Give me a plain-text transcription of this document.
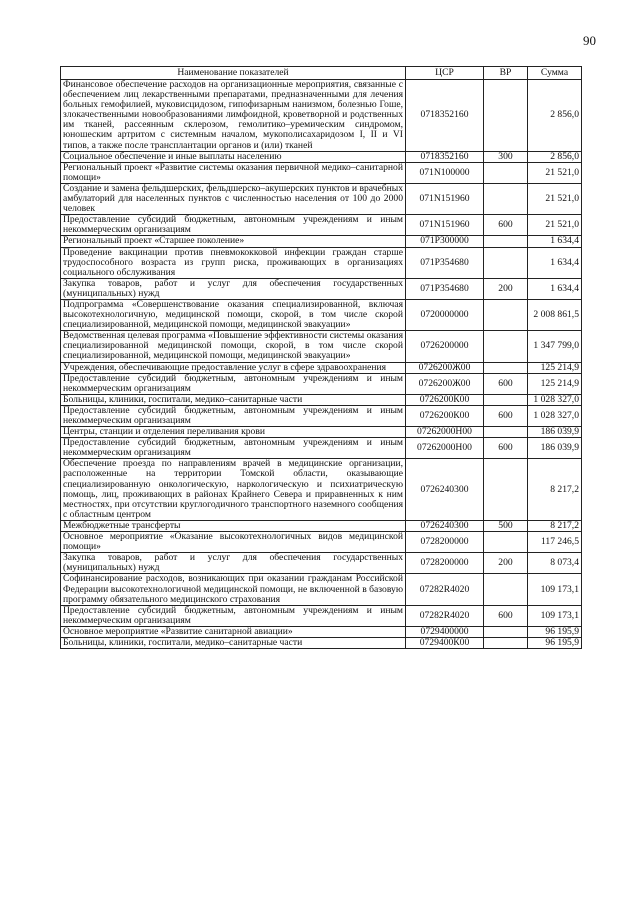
90
Наименование показателей	ЦСР	ВР	Сумма
Финансовое обеспечение расходов на организационные мероприятия, связанные с обеспечением лиц лекарственными препаратами, предназначенными для лечения больных гемофилией, муковисцидозом, гипофизарным нанизмом, болезнью Гоше, злокачественными новообразованиями лимфоидной, кроветворной и родственных им тканей, рассеянным склерозом, гемолитико–уремическим синдромом, юношеским артритом с системным началом, мукополисахаридозом I, II и VI типов, а также после трансплантации органов и (или) тканей	0718352160		2 856,0
Социальное обеспечение и иные выплаты населению	0718352160	300	2 856,0
Региональный проект «Развитие системы оказания первичной медико–санитарной помощи»	071N100000		21 521,0
Создание и замена фельдшерских, фельдшерско–акушерских пунктов и врачебных амбулаторий для населенных пунктов с численностью населения от 100 до 2000 человек	071N151960		21 521,0
Предоставление субсидий бюджетным, автономным учреждениям и иным некоммерческим организациям	071N151960	600	21 521,0
Региональный проект «Старшее поколение»	071P300000		1 634,4
Проведение вакцинации против пневмококковой инфекции граждан старше трудоспособного возраста из групп риска, проживающих в организациях социального обслуживания	071P354680		1 634,4
Закупка товаров, работ и услуг для обеспечения государственных (муниципальных) нужд	071P354680	200	1 634,4
Подпрограмма «Совершенствование оказания специализированной, включая высокотехнологичную, медицинской помощи, скорой, в том числе скорой специализированной, медицинской помощи, медицинской эвакуации»	0720000000		2 008 861,5
Ведомственная целевая программа «Повышение эффективности системы оказания специализированной медицинской помощи, скорой, в том числе скорой специализированной, медицинской помощи, медицинской эвакуации»	0726200000		1 347 799,0
Учреждения, обеспечивающие предоставление услуг в сфере здравоохранения	0726200Ж00		125 214,9
Предоставление субсидий бюджетным, автономным учреждениям и иным некоммерческим организациям	0726200Ж00	600	125 214,9
Больницы, клиники, госпитали, медико–санитарные части	0726200К00		1 028 327,0
Предоставление субсидий бюджетным, автономным учреждениям и иным некоммерческим организациям	0726200К00	600	1 028 327,0
Центры, станции и отделения переливания крови	07262000Н00		186 039,9
Предоставление субсидий бюджетным, автономным учреждениям и иным некоммерческим организациям	07262000Н00	600	186 039,9
Обеспечение проезда по направлениям врачей в медицинские организации, расположенные на территории Томской области, оказывающие специализированную онкологическую, наркологическую и психиатрическую помощь, лиц, проживающих в районах Крайнего Севера и приравненных к ним местностях, при отсутствии круглогодичного транспортного наземного сообщения с областным центром	0726240300		8 217,2
Межбюджетные трансферты	0726240300	500	8 217,2
Основное мероприятие «Оказание высокотехнологичных видов медицинской помощи»	0728200000		117 246,5
Закупка товаров, работ и услуг для обеспечения государственных (муниципальных) нужд	0728200000	200	8 073,4
Софинансирование расходов, возникающих при оказании гражданам Российской Федерации высокотехнологичной медицинской помощи, не включенной в базовую программу обязательного медицинского страхования	07282R4020		109 173,1
Предоставление субсидий бюджетным, автономным учреждениям и иным некоммерческим организациям	07282R4020	600	109 173,1
Основное мероприятие «Развитие санитарной авиации»	0729400000		96 195,9
Больницы, клиники, госпитали, медико–санитарные части	0729400К00		96 195,9
